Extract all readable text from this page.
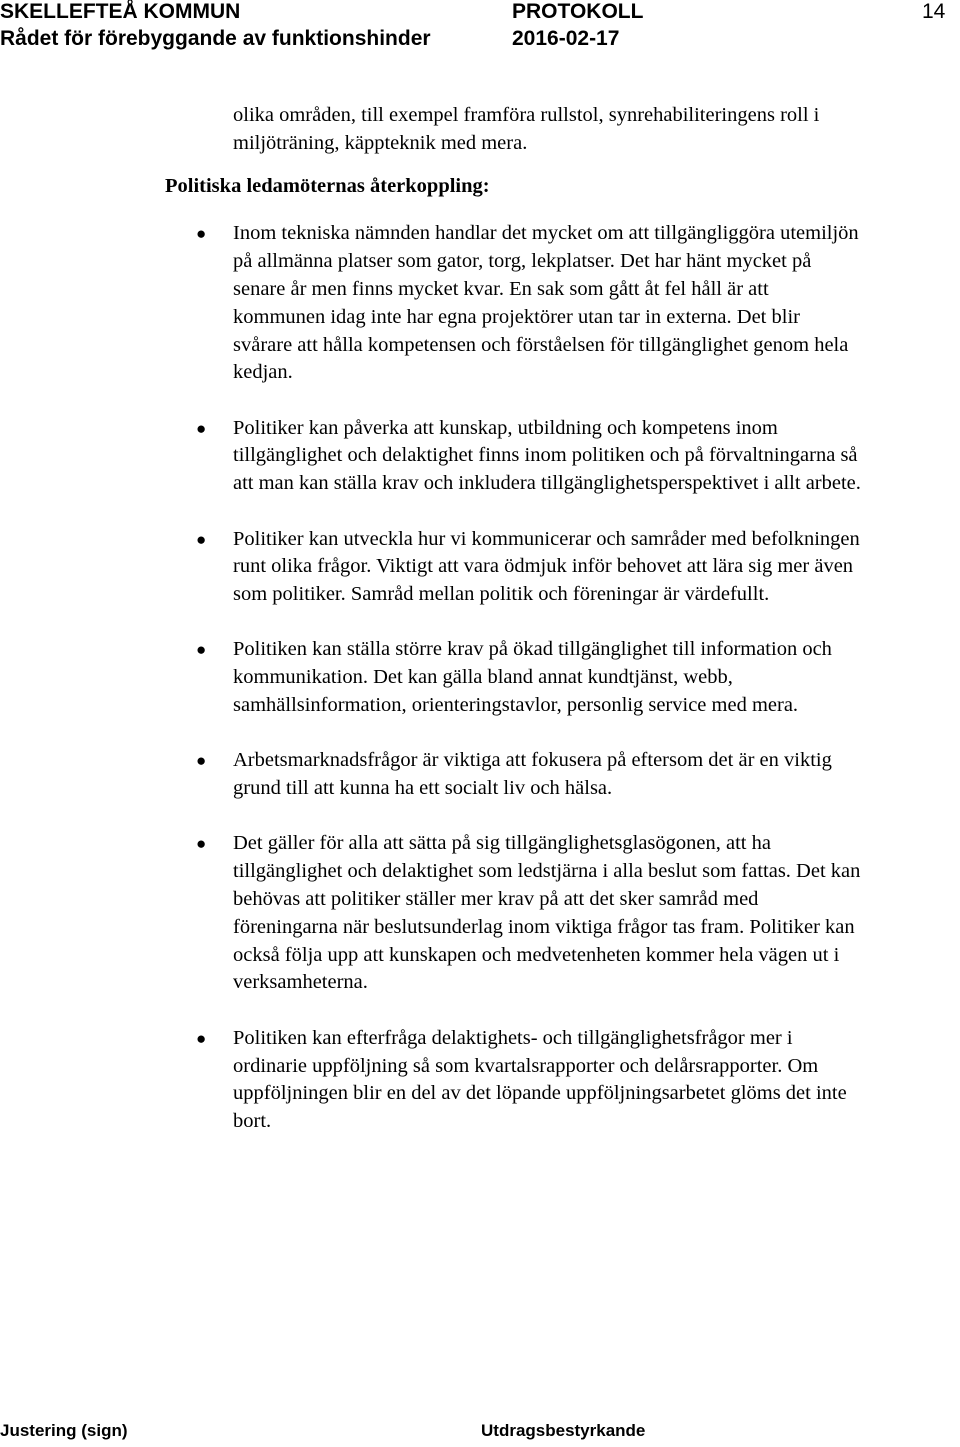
SKELLEFTEÅ KOMMUN	PROTOKOLL	14
Rådet för förebyggande av funktionshinder	2016-02-17

olika områden, till exempel framföra rullstol, synrehabiliteringens roll i miljöträning, käppteknik med mera.

Politiska ledamöternas återkoppling:

● Inom tekniska nämnden handlar det mycket om att tillgängliggöra utemiljön på allmänna platser som gator, torg, lekplatser. Det har hänt mycket på senare år men finns mycket kvar. En sak som gått åt fel håll är att kommunen idag inte har egna projektörer utan tar in externa. Det blir svårare att hålla kompetensen och förståelsen för tillgänglighet genom hela kedjan.
● Politiker kan påverka att kunskap, utbildning och kompetens inom tillgänglighet och delaktighet finns inom politiken och på förvaltningarna så att man kan ställa krav och inkludera tillgänglighetsperspektivet i allt arbete.
● Politiker kan utveckla hur vi kommunicerar och samråder med befolkningen runt olika frågor. Viktigt att vara ödmjuk inför behovet att lära sig mer även som politiker. Samråd mellan politik och föreningar är värdefullt.
● Politiken kan ställa större krav på ökad tillgänglighet till information och kommunikation. Det kan gälla bland annat kundtjänst, webb, samhällsinformation, orienteringstavlor, personlig service med mera.
● Arbetsmarknadsfrågor är viktiga att fokusera på eftersom det är en viktig grund till att kunna ha ett socialt liv och hälsa.
● Det gäller för alla att sätta på sig tillgänglighetsglasögonen, att ha tillgänglighet och delaktighet som ledstjärna i alla beslut som fattas. Det kan behövas att politiker ställer mer krav på att det sker samråd med föreningarna när beslutsunderlag inom viktiga frågor tas fram. Politiker kan också följa upp att kunskapen och medvetenheten kommer hela vägen ut i verksamheterna.
● Politiken kan efterfråga delaktighets- och tillgänglighetsfrågor mer i ordinarie uppföljning så som kvartalsrapporter och delårsrapporter. Om uppföljningen blir en del av det löpande uppföljningsarbetet glöms det inte bort.
Justering (sign)	Utdragsbestyrkande
